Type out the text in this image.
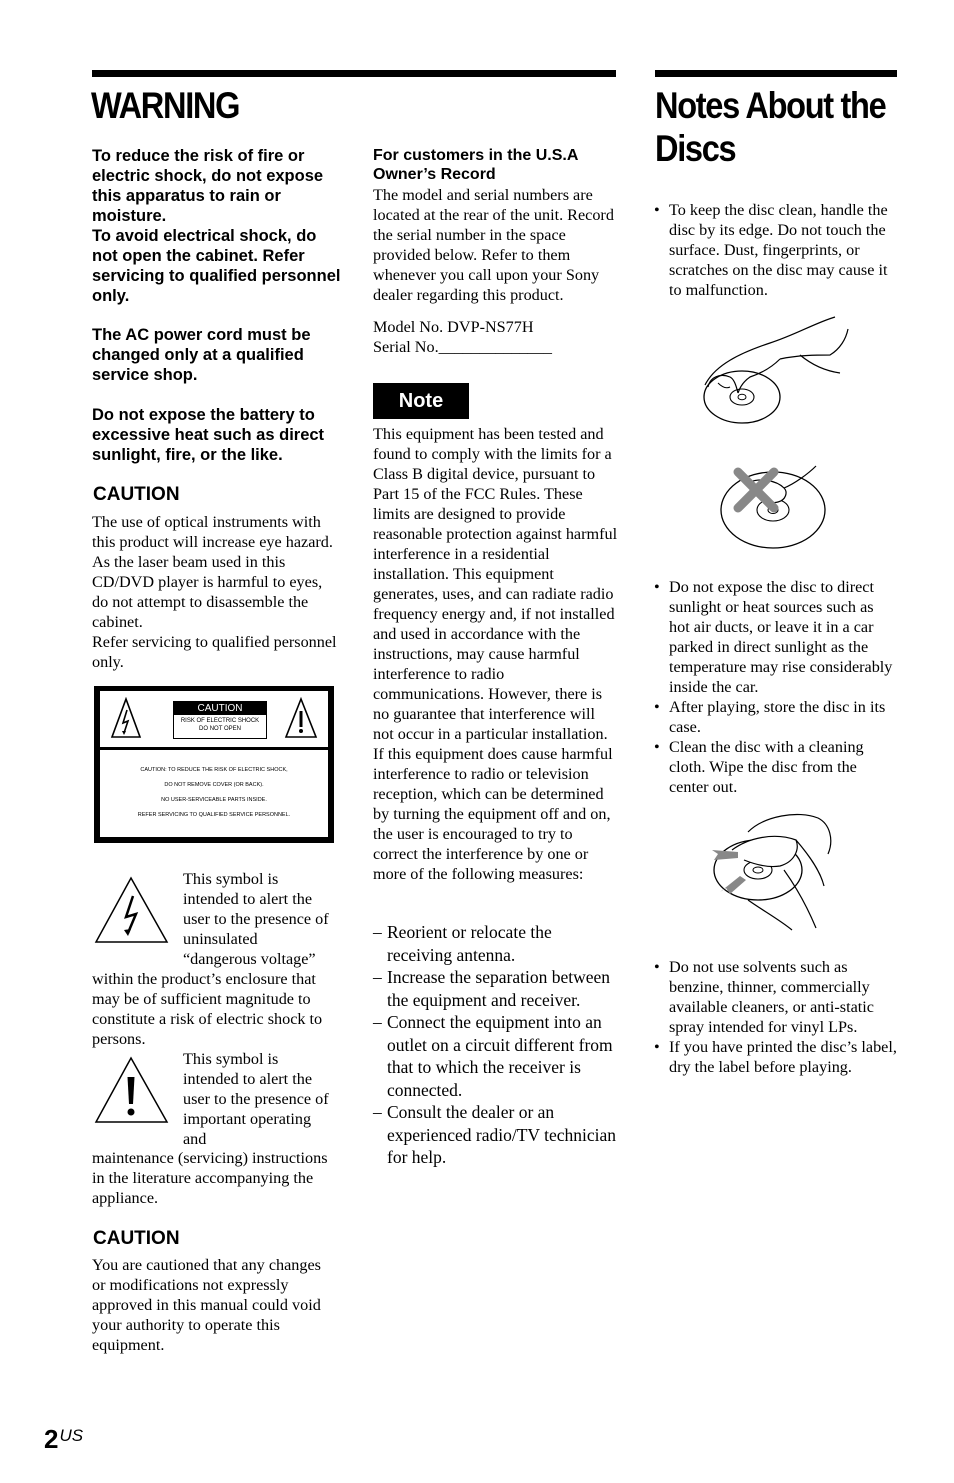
WARNING
To reduce the risk of fire or electric shock, do not expose this apparatus to rain or moisture.
To avoid electrical shock, do not open the cabinet. Refer servicing to qualified personnel only.
The AC power cord must be changed only at a qualified service shop.
Do not expose the battery to excessive heat such as direct sunlight, fire, or the like.
CAUTION

The use of optical instruments with this product will increase eye hazard. As the laser beam used in this CD/DVD player is harmful to eyes, do not attempt to disassemble the cabinet.

Refer servicing to qualified personnel only.

CAUTION
RISK OF ELECTRIC SHOCK
DO NOT OPEN
CAUTION: TO REDUCE THE RISK OF ELECTRIC SHOCK,
DO NOT REMOVE COVER (OR BACK).
NO USER-SERVICEABLE PARTS INSIDE.
REFER SERVICING TO QUALIFIED SERVICE PERSONNEL.
This symbol is intended to alert the user to the presence of uninsulated “dangerous voltage”
within the product’s enclosure that may be of sufficient magnitude to constitute a risk of electric shock to persons.
This symbol is intended to alert the user to the presence of important operating and
maintenance (servicing) instructions in the literature accompanying the appliance.
CAUTION
You are cautioned that any changes or modifications not expressly approved in this manual could void your authority to operate this equipment.
For customers in the U.S.A
Owner’s Record
The model and serial numbers are located at the rear of the unit. Record the serial number in the space provided below. Refer to them whenever you call upon your Sony dealer regarding this product.

Model No. DVP-NS77H

Serial No.______________

Note
This equipment has been tested and found to comply with the limits for a Class B digital device, pursuant to Part 15 of the FCC Rules. These limits are designed to provide reasonable protection against harmful interference in a residential installation. This equipment generates, uses, and can radiate radio frequency energy and, if not installed and used in accordance with the instructions, may cause harmful interference to radio communications. However, there is no guarantee that interference will not occur in a particular installation. If this equipment does cause harmful interference to radio or television reception, which can be determined by turning the equipment off and on, the user is encouraged to try to correct the interference by one or more of the following measures:
– Reorient or relocate the receiving antenna.
– Increase the separation between the equipment and receiver.
– Connect the equipment into an outlet on a circuit different from that to which the receiver is connected.
– Consult the dealer or an experienced radio/TV technician for help.
Notes About the
Discs
• To keep the disc clean, handle the disc by its edge. Do not touch the surface. Dust, fingerprints, or scratches on the disc may cause it to malfunction.
• Do not expose the disc to direct sunlight or heat sources such as hot air ducts, or leave it in a car parked in direct sunlight as the temperature may rise considerably inside the car.
• After playing, store the disc in its case.
• Clean the disc with a cleaning cloth. Wipe the disc from the center out.
• Do not use solvents such as benzine, thinner, commercially available cleaners, or anti-static spray intended for vinyl LPs.
• If you have printed the disc’s label, dry the label before playing.
2US
